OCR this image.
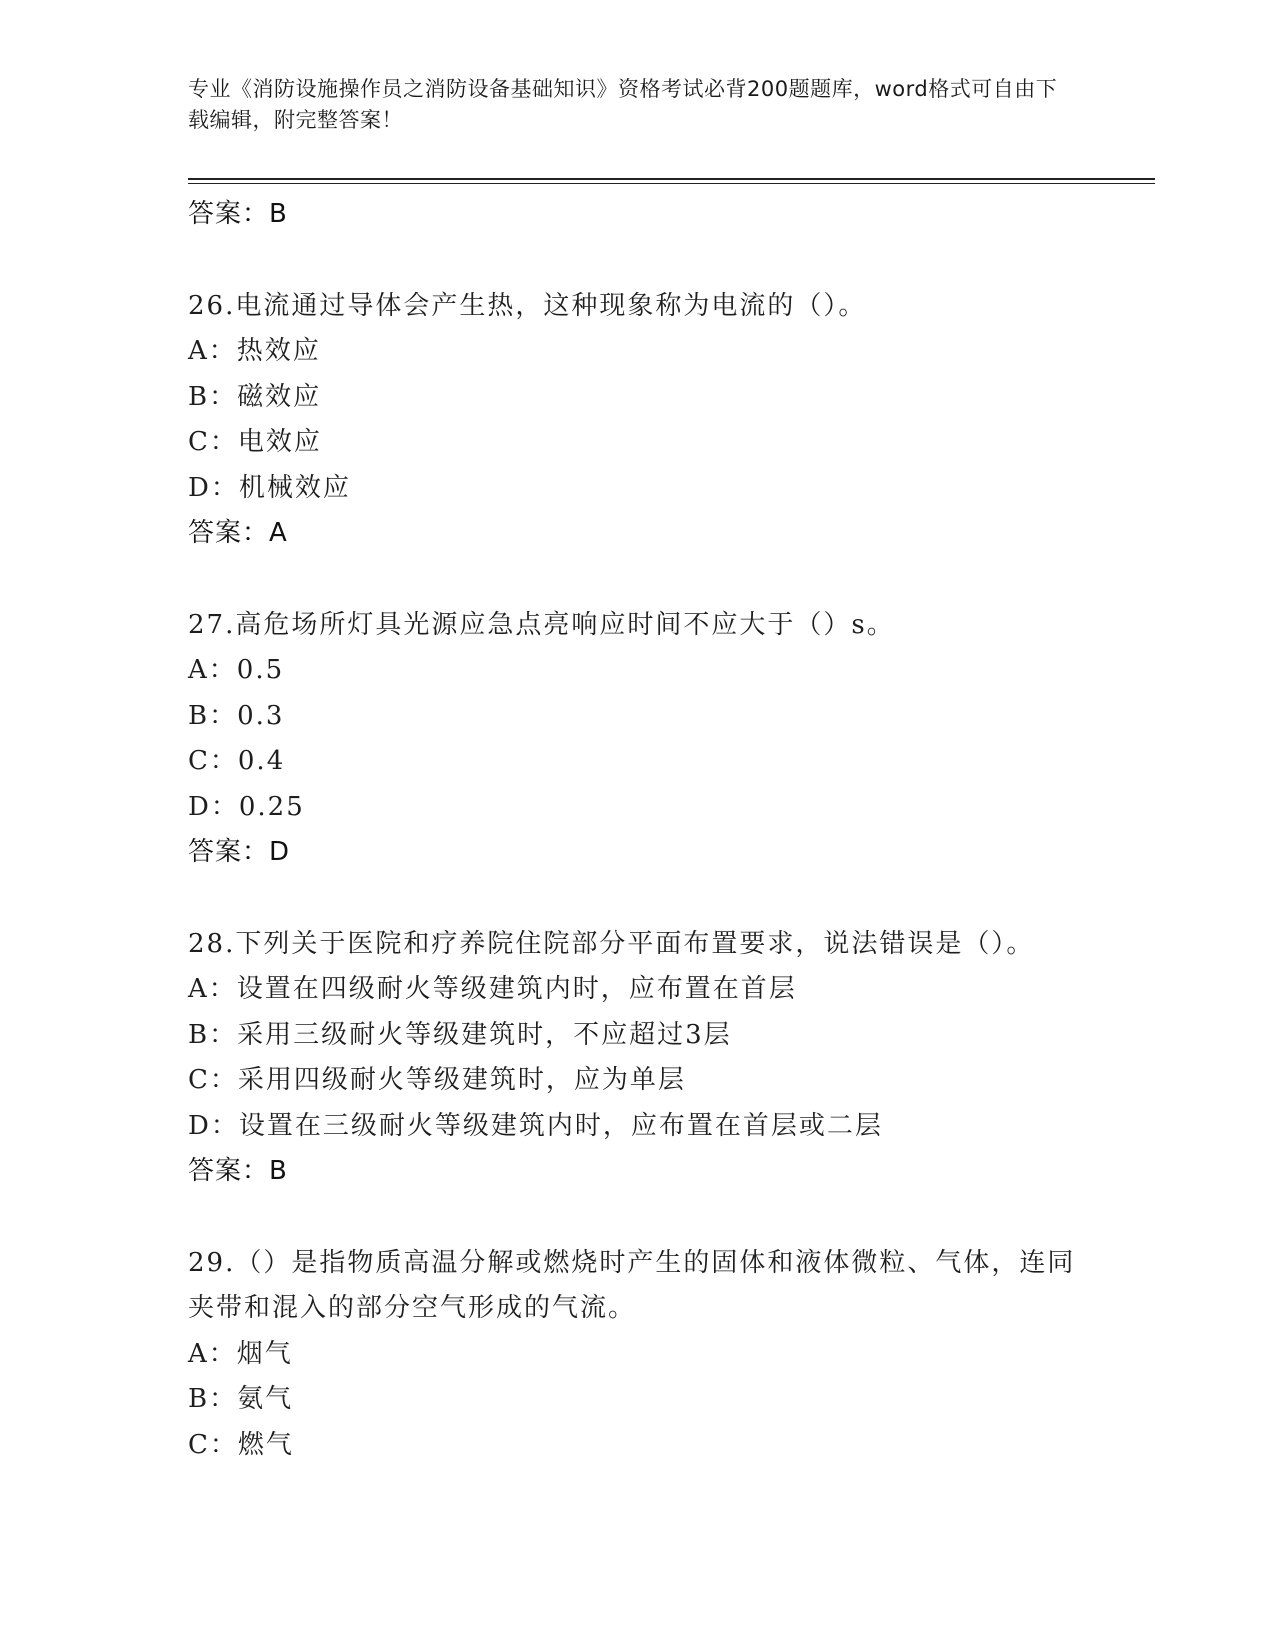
专业《消防设施操作员之消防设备基础知识》资格考试必背200题题库，word格式可自由下载编辑，附完整答案！
答案：B
26.电流通过导体会产生热，这种现象称为电流的（）。
A：热效应
B：磁效应
C：电效应
D：机械效应
答案：A
27.高危场所灯具光源应急点亮响应时间不应大于（）s。
A：0.5
B：0.3
C：0.4
D：0.25
答案：D
28.下列关于医院和疗养院住院部分平面布置要求，说法错误是（）。
A：设置在四级耐火等级建筑内时，应布置在首层
B：采用三级耐火等级建筑时，不应超过3层
C：采用四级耐火等级建筑时，应为单层
D：设置在三级耐火等级建筑内时，应布置在首层或二层
答案：B
29.（）是指物质高温分解或燃烧时产生的固体和液体微粒、气体，连同夹带和混入的部分空气形成的气流。
A：烟气
B：氨气
C：燃气
